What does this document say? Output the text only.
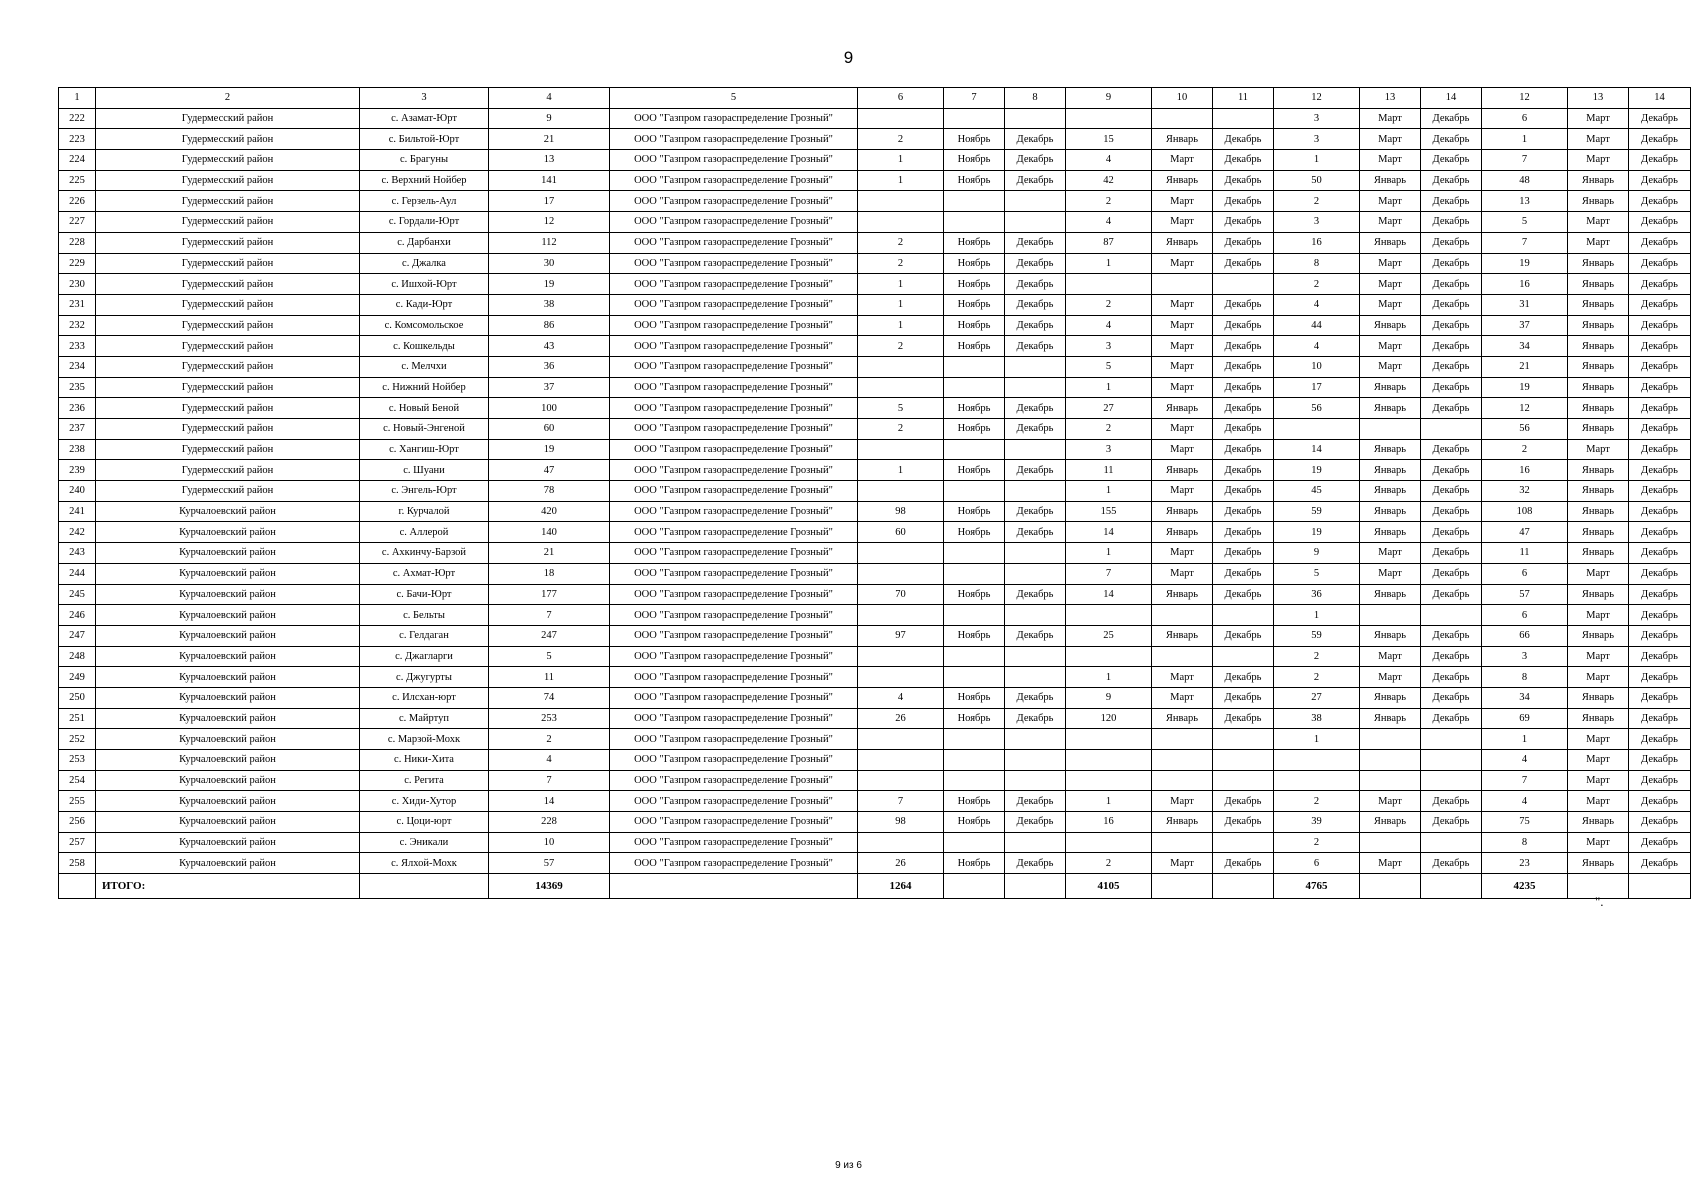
9
1	2	3	4	5	6	7	8	9	10	11	12	13	14	12	13	14
222	Гудермесский район	с. Азамат-Юрт	9	ООО "Газпром газораспределение Грозный"							3	Март	Декабрь	6	Март	Декабрь
223	Гудермесский район	с. Бильтой-Юрт	21	ООО "Газпром газораспределение Грозный"	2	Ноябрь	Декабрь	15	Январь	Декабрь	3	Март	Декабрь	1	Март	Декабрь
224	Гудермесский район	с. Брагуны	13	ООО "Газпром газораспределение Грозный"	1	Ноябрь	Декабрь	4	Март	Декабрь	1	Март	Декабрь	7	Март	Декабрь
225	Гудермесский район	с. Верхний Нойбер	141	ООО "Газпром газораспределение Грозный"	1	Ноябрь	Декабрь	42	Январь	Декабрь	50	Январь	Декабрь	48	Январь	Декабрь
226	Гудермесский район	с. Герзель-Аул	17	ООО "Газпром газораспределение Грозный"				2	Март	Декабрь	2	Март	Декабрь	13	Январь	Декабрь
227	Гудермесский район	с. Гордали-Юрт	12	ООО "Газпром газораспределение Грозный"				4	Март	Декабрь	3	Март	Декабрь	5	Март	Декабрь
228	Гудермесский район	с. Дарбанхи	112	ООО "Газпром газораспределение Грозный"	2	Ноябрь	Декабрь	87	Январь	Декабрь	16	Январь	Декабрь	7	Март	Декабрь
229	Гудермесский район	с. Джалка	30	ООО "Газпром газораспределение Грозный"	2	Ноябрь	Декабрь	1	Март	Декабрь	8	Март	Декабрь	19	Январь	Декабрь
230	Гудермесский район	с. Ишхой-Юрт	19	ООО "Газпром газораспределение Грозный"	1	Ноябрь	Декабрь				2	Март	Декабрь	16	Январь	Декабрь
231	Гудермесский район	с. Кади-Юрт	38	ООО "Газпром газораспределение Грозный"	1	Ноябрь	Декабрь	2	Март	Декабрь	4	Март	Декабрь	31	Январь	Декабрь
232	Гудермесский район	с. Комсомольское	86	ООО "Газпром газораспределение Грозный"	1	Ноябрь	Декабрь	4	Март	Декабрь	44	Январь	Декабрь	37	Январь	Декабрь
233	Гудермесский район	с. Кошкельды	43	ООО "Газпром газораспределение Грозный"	2	Ноябрь	Декабрь	3	Март	Декабрь	4	Март	Декабрь	34	Январь	Декабрь
234	Гудермесский район	с. Мелчхи	36	ООО "Газпром газораспределение Грозный"				5	Март	Декабрь	10	Март	Декабрь	21	Январь	Декабрь
235	Гудермесский район	с. Нижний Нойбер	37	ООО "Газпром газораспределение Грозный"				1	Март	Декабрь	17	Январь	Декабрь	19	Январь	Декабрь
236	Гудермесский район	с. Новый Беной	100	ООО "Газпром газораспределение Грозный"	5	Ноябрь	Декабрь	27	Январь	Декабрь	56	Январь	Декабрь	12	Январь	Декабрь
237	Гудермесский район	с. Новый-Энгеной	60	ООО "Газпром газораспределение Грозный"	2	Ноябрь	Декабрь	2	Март	Декабрь				56	Январь	Декабрь
238	Гудермесский район	с. Хангиш-Юрт	19	ООО "Газпром газораспределение Грозный"				3	Март	Декабрь	14	Январь	Декабрь	2	Март	Декабрь
239	Гудермесский район	с. Шуани	47	ООО "Газпром газораспределение Грозный"	1	Ноябрь	Декабрь	11	Январь	Декабрь	19	Январь	Декабрь	16	Январь	Декабрь
240	Гудермесский район	с. Энгель-Юрт	78	ООО "Газпром газораспределение Грозный"				1	Март	Декабрь	45	Январь	Декабрь	32	Январь	Декабрь
241	Курчалоевский район	г. Курчалой	420	ООО "Газпром газораспределение Грозный"	98	Ноябрь	Декабрь	155	Январь	Декабрь	59	Январь	Декабрь	108	Январь	Декабрь
242	Курчалоевский район	с. Аллерой	140	ООО "Газпром газораспределение Грозный"	60	Ноябрь	Декабрь	14	Январь	Декабрь	19	Январь	Декабрь	47	Январь	Декабрь
243	Курчалоевский район	с. Ахкинчу-Барзой	21	ООО "Газпром газораспределение Грозный"				1	Март	Декабрь	9	Март	Декабрь	11	Январь	Декабрь
244	Курчалоевский район	с. Ахмат-Юрт	18	ООО "Газпром газораспределение Грозный"				7	Март	Декабрь	5	Март	Декабрь	6	Март	Декабрь
245	Курчалоевский район	с. Бачи-Юрт	177	ООО "Газпром газораспределение Грозный"	70	Ноябрь	Декабрь	14	Январь	Декабрь	36	Январь	Декабрь	57	Январь	Декабрь
246	Курчалоевский район	с. Бельты	7	ООО "Газпром газораспределение Грозный"							1			6	Март	Декабрь
247	Курчалоевский район	с. Гелдаган	247	ООО "Газпром газораспределение Грозный"	97	Ноябрь	Декабрь	25	Январь	Декабрь	59	Январь	Декабрь	66	Январь	Декабрь
248	Курчалоевский район	с. Джагларги	5	ООО "Газпром газораспределение Грозный"							2	Март	Декабрь	3	Март	Декабрь
249	Курчалоевский район	с. Джугурты	11	ООО "Газпром газораспределение Грозный"				1	Март	Декабрь	2	Март	Декабрь	8	Март	Декабрь
250	Курчалоевский район	с. Илсхан-юрт	74	ООО "Газпром газораспределение Грозный"	4	Ноябрь	Декабрь	9	Март	Декабрь	27	Январь	Декабрь	34	Январь	Декабрь
251	Курчалоевский район	с. Майртуп	253	ООО "Газпром газораспределение Грозный"	26	Ноябрь	Декабрь	120	Январь	Декабрь	38	Январь	Декабрь	69	Январь	Декабрь
252	Курчалоевский район	с. Марзой-Мохк	2	ООО "Газпром газораспределение Грозный"							1			1	Март	Декабрь
253	Курчалоевский район	с. Ники-Хита	4	ООО "Газпром газораспределение Грозный"										4	Март	Декабрь
254	Курчалоевский район	с. Регита	7	ООО "Газпром газораспределение Грозный"										7	Март	Декабрь
255	Курчалоевский район	с. Хиди-Хутор	14	ООО "Газпром газораспределение Грозный"	7	Ноябрь	Декабрь	1	Март	Декабрь	2	Март	Декабрь	4	Март	Декабрь
256	Курчалоевский район	с. Цоци-юрт	228	ООО "Газпром газораспределение Грозный"	98	Ноябрь	Декабрь	16	Январь	Декабрь	39	Январь	Декабрь	75	Январь	Декабрь
257	Курчалоевский район	с. Эникали	10	ООО "Газпром газораспределение Грозный"							2			8	Март	Декабрь
258	Курчалоевский район	с. Ялхой-Мохк	57	ООО "Газпром газораспределение Грозный"	26	Ноябрь	Декабрь	2	Март	Декабрь	6	Март	Декабрь	23	Январь	Декабрь
	ИТОГО:		14369		1264			4105			4765			4235		
".
9 из 6
